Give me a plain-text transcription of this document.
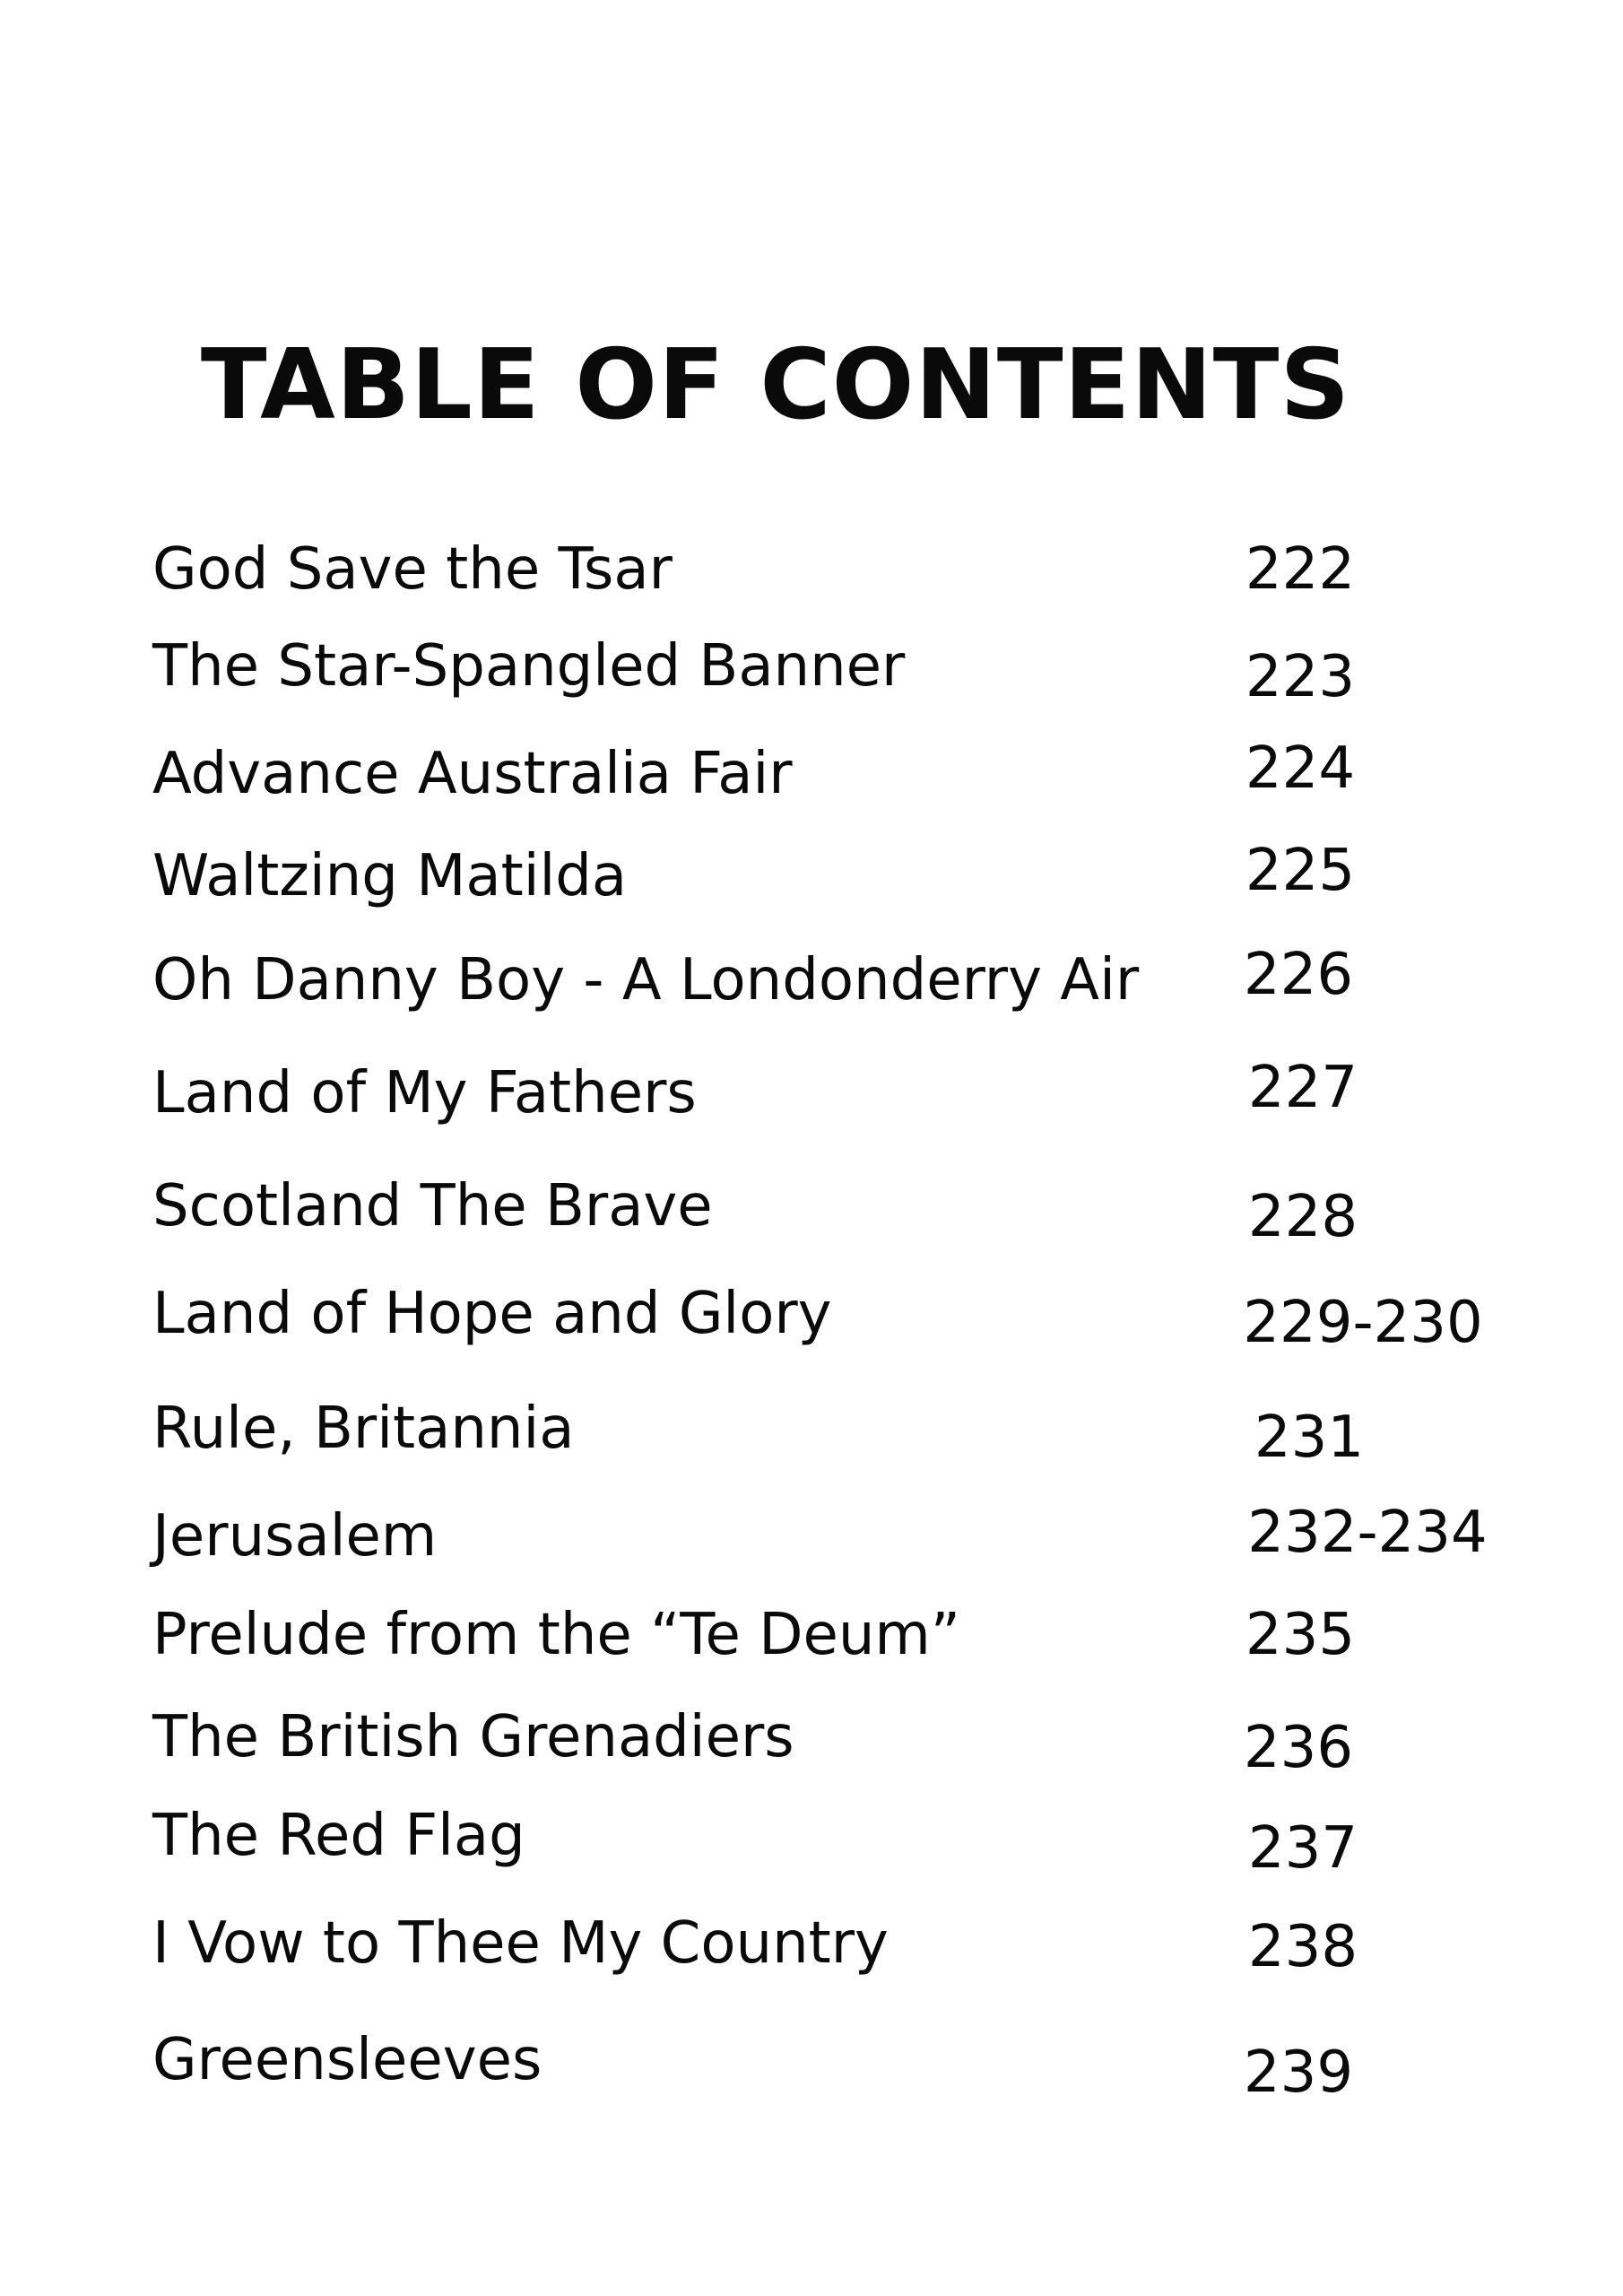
TABLE OF CONTENTS
God Save the Tsar	222
The Star-Spangled Banner	223
Advance Australia Fair	224
Waltzing Matilda	225
Oh Danny Boy - A Londonderry Air	226
Land of My Fathers	227
Scotland The Brave	228
Land of Hope and Glory	229-230
Rule, Britannia	231
Jerusalem	232-234
Prelude from the “Te Deum”	235
The British Grenadiers	236
The Red Flag	237
I Vow to Thee My Country	238
Greensleeves	239
